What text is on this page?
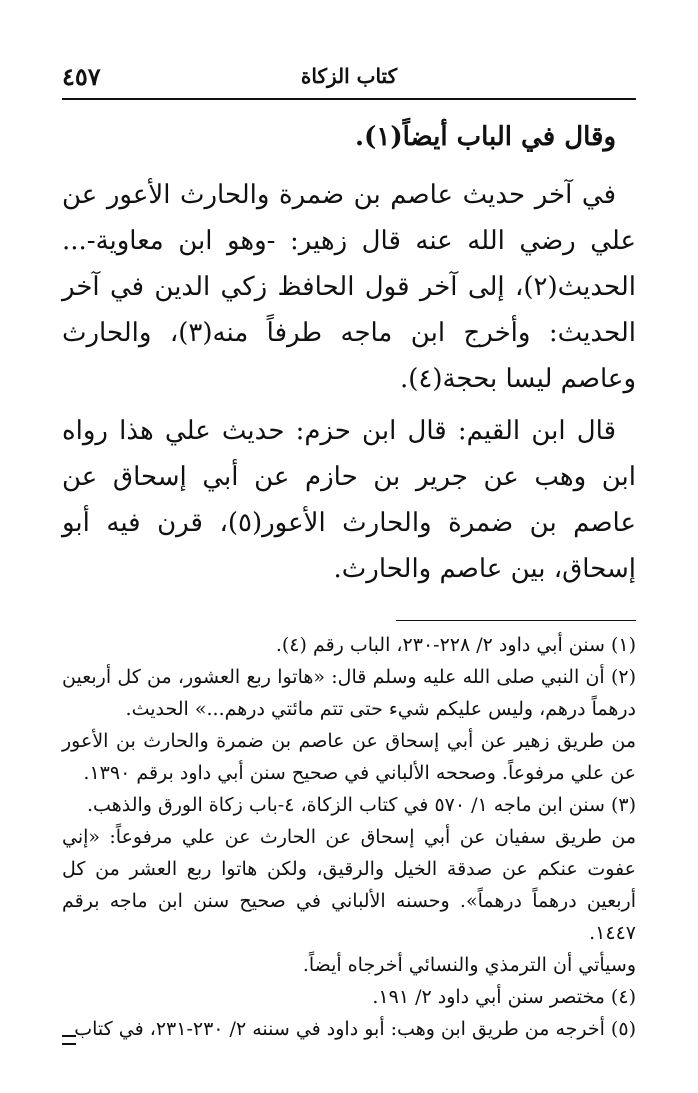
كتاب الزكاة
٤٥٧

وقال في الباب أيضاً(١).

في آخر حديث عاصم بن ضمرة والحارث الأعور عن علي رضي الله عنه قال زهير: -وهو ابن معاوية-... الحديث(٢)، إلى آخر قول الحافظ زكي الدين في آخر الحديث: وأخرج ابن ماجه طرفاً منه(٣)، والحارث وعاصم ليسا بحجة(٤).

قال ابن القيم: قال ابن حزم: حديث علي هذا رواه ابن وهب عن جرير بن حازم عن أبي إسحاق عن عاصم بن ضمرة والحارث الأعور(٥)، قرن فيه أبو إسحاق، بين عاصم والحارث.

(١) سنن أبي داود ٢/ ٢٢٨-٢٣٠، الباب رقم (٤).

(٢) أن النبي صلى الله عليه وسلم قال: «هاتوا ربع العشور، من كل أربعين درهماً درهم، وليس عليكم شيء حتى تتم مائتي درهم...» الحديث.

من طريق زهير عن أبي إسحاق عن عاصم بن ضمرة والحارث بن الأعور عن علي مرفوعاً. وصححه الألباني في صحيح سنن أبي داود برقم ١٣٩٠.

(٣) سنن ابن ماجه ١/ ٥٧٠ في كتاب الزكاة، ٤-باب زكاة الورق والذهب.

من طريق سفيان عن أبي إسحاق عن الحارث عن علي مرفوعاً: «إني عفوت عنكم عن صدقة الخيل والرقيق، ولكن هاتوا ربع العشر من كل أربعين درهماً درهماً». وحسنه الألباني في صحيح سنن ابن ماجه برقم ١٤٤٧.

وسيأتي أن الترمذي والنسائي أخرجاه أيضاً.

(٤) مختصر سنن أبي داود ٢/ ١٩١.

(٥) أخرجه من طريق ابن وهب: أبو داود في سننه ٢/ ٢٣٠-٢٣١، في كتاب
